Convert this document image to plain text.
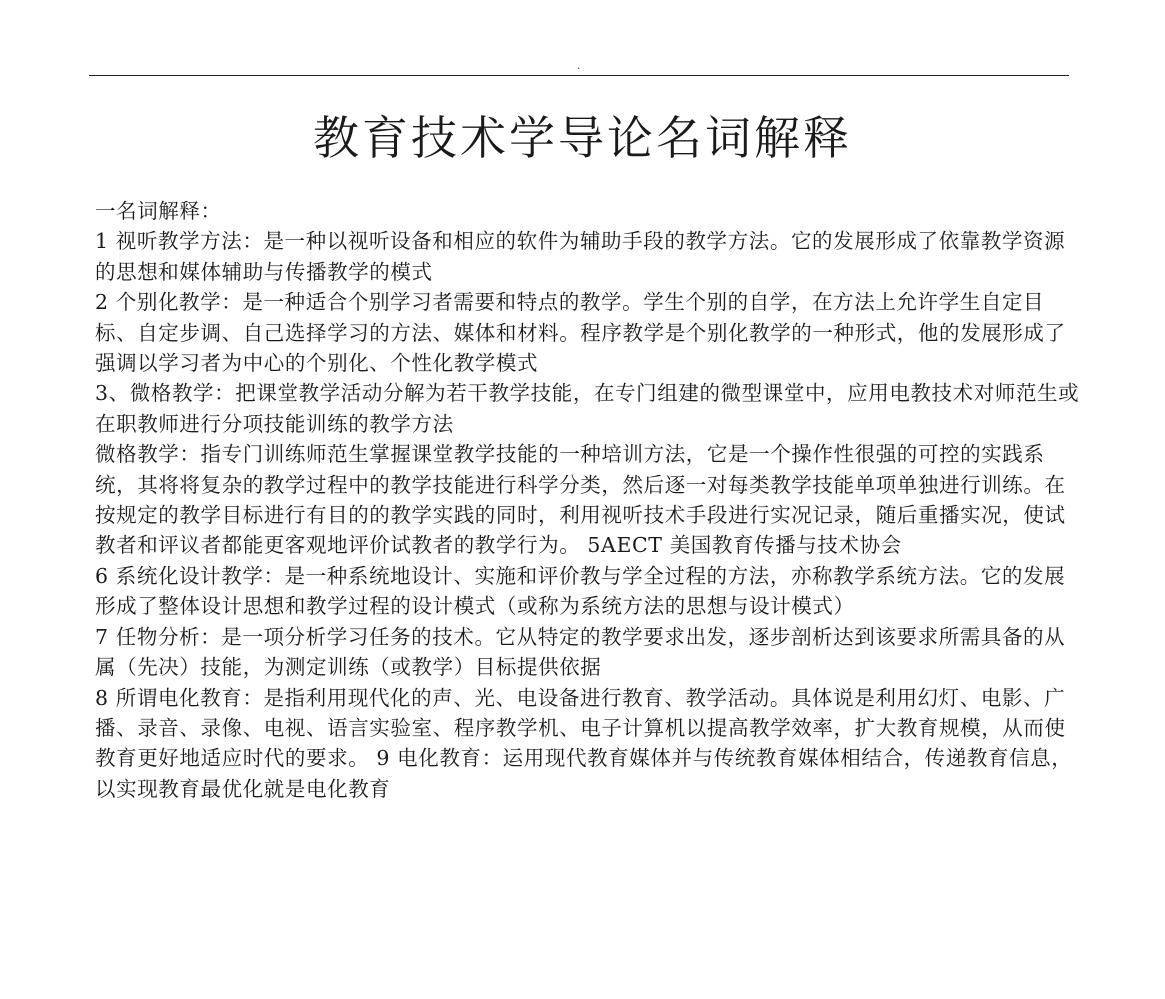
.
教育技术学导论名词解释

一名词解释：

1 视听教学方法：是一种以视听设备和相应的软件为辅助手段的教学方法。它的发展形成了依靠教学资源的思想和媒体辅助与传播教学的模式

2 个别化教学：是一种适合个别学习者需要和特点的教学。学生个别的自学，在方法上允许学生自定目标、自定步调、自己选择学习的方法、媒体和材料。程序教学是个别化教学的一种形式，他的发展形成了强调以学习者为中心的个别化、个性化教学模式

3、微格教学：把课堂教学活动分解为若干教学技能，在专门组建的微型课堂中，应用电教技术对师范生或在职教师进行分项技能训练的教学方法

微格教学：指专门训练师范生掌握课堂教学技能的一种培训方法，它是一个操作性很强的可控的实践系统，其将将复杂的教学过程中的教学技能进行科学分类，然后逐一对每类教学技能单项单独进行训练。在按规定的教学目标进行有目的的教学实践的同时，利用视听技术手段进行实况记录，随后重播实况，使试教者和评议者都能更客观地评价试教者的教学行为。 5AECT 美国教育传播与技术协会

6 系统化设计教学：是一种系统地设计、实施和评价教与学全过程的方法，亦称教学系统方法。它的发展形成了整体设计思想和教学过程的设计模式（或称为系统方法的思想与设计模式）

7 任物分析：是一项分析学习任务的技术。它从特定的教学要求出发，逐步剖析达到该要求所需具备的从属（先决）技能，为测定训练（或教学）目标提供依据

8 所谓电化教育：是指利用现代化的声、光、电设备进行教育、教学活动。具体说是利用幻灯、电影、广播、录音、录像、电视、语言实验室、程序教学机、电子计算机以提高教学效率，扩大教育规模，从而使教育更好地适应时代的要求。 9 电化教育：运用现代教育媒体并与传统教育媒体相结合，传递教育信息，以实现教育最优化就是电化教育
